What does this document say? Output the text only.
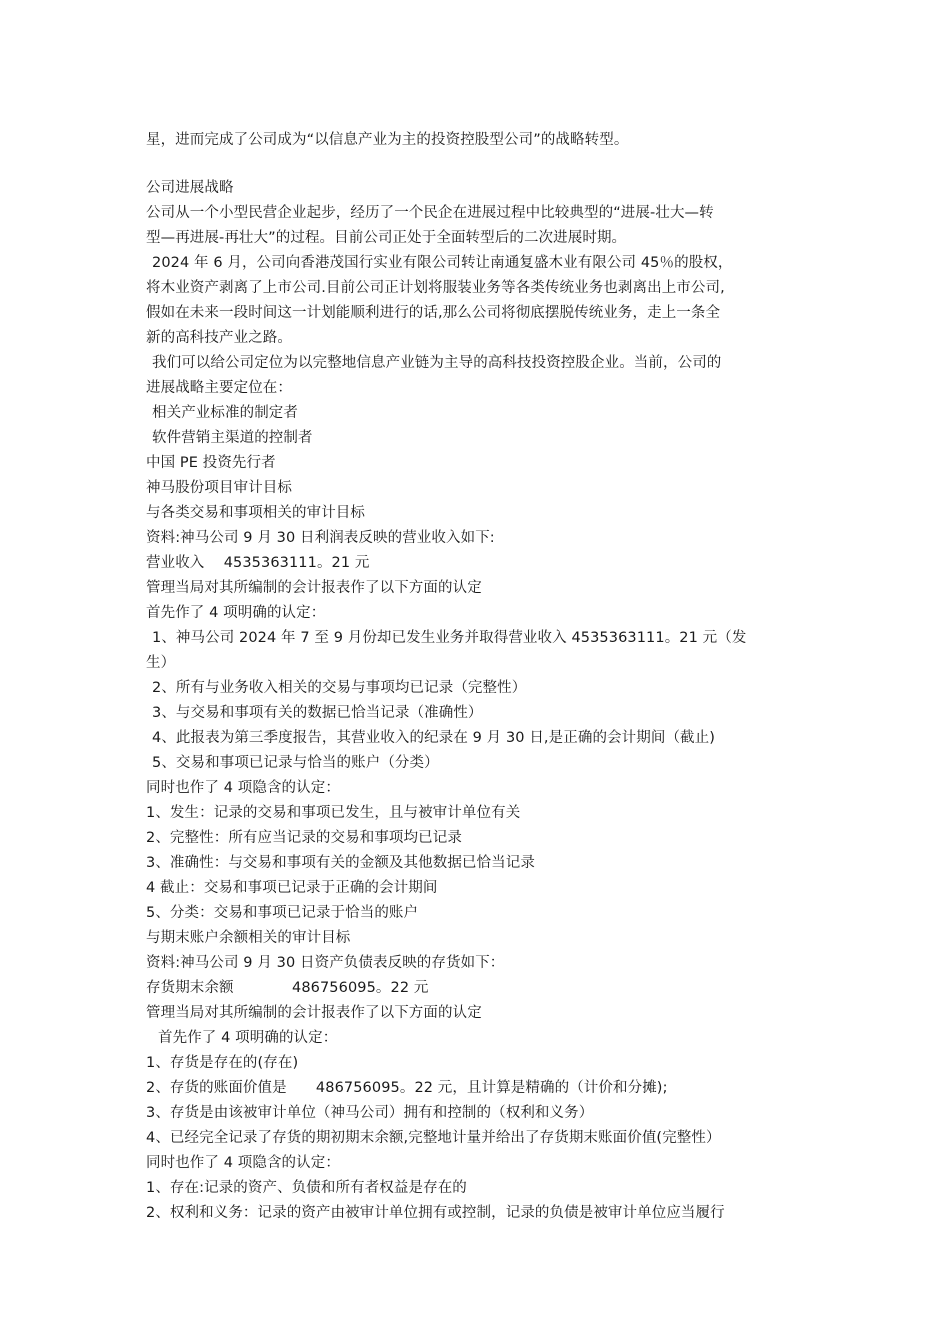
星，进而完成了公司成为“以信息产业为主的投资控股型公司”的战略转型。
公司进展战略
公司从一个小型民营企业起步，经历了一个民企在进展过程中比较典型的“进展-壮大—转
型—再进展-再壮大”的过程。目前公司正处于全面转型后的二次进展时期。
2024 年 6 月，公司向香港茂国行实业有限公司转让南通复盛木业有限公司 45％的股权，
将木业资产剥离了上市公司.目前公司正计划将服装业务等各类传统业务也剥离出上市公司,
假如在未来一段时间这一计划能顺利进行的话,那么公司将彻底摆脱传统业务，走上一条全
新的高科技产业之路。
我们可以给公司定位为以完整地信息产业链为主导的高科技投资控股企业。当前，公司的
进展战略主要定位在：
相关产业标准的制定者
软件营销主渠道的控制者
中国 PE 投资先行者
神马股份项目审计目标
与各类交易和事项相关的审计目标
资料:神马公司 9 月 30 日利润表反映的营业收入如下:
营业收入　 4535363111。21 元
管理当局对其所编制的会计报表作了以下方面的认定
首先作了 4 项明确的认定：
1、神马公司 2024 年 7 至 9 月份却已发生业务并取得营业收入 4535363111。21 元（发
生）
2、所有与业务收入相关的交易与事项均已记录（完整性）
3、与交易和事项有关的数据已恰当记录（准确性）
4、此报表为第三季度报告，其营业收入的纪录在 9 月 30 日,是正确的会计期间（截止)
5、交易和事项已记录与恰当的账户（分类）
同时也作了 4 项隐含的认定：
1、发生：记录的交易和事项已发生，且与被审计单位有关
2、完整性：所有应当记录的交易和事项均已记录
3、准确性：与交易和事项有关的金额及其他数据已恰当记录
4 截止：交易和事项已记录于正确的会计期间
5、分类：交易和事项已记录于恰当的账户
与期末账户余额相关的审计目标
资料:神马公司 9 月 30 日资产负债表反映的存货如下：
存货期末余额　　　　486756095。22 元
管理当局对其所编制的会计报表作了以下方面的认定
首先作了 4 项明确的认定：
1、存货是存在的(存在)
2、存货的账面价值是　　486756095。22 元，且计算是精确的（计价和分摊);
3、存货是由该被审计单位（神马公司）拥有和控制的（权利和义务）
4、已经完全记录了存货的期初期末余额,完整地计量并给出了存货期末账面价值(完整性）
同时也作了 4 项隐含的认定：
1、存在:记录的资产、负债和所有者权益是存在的
2、权利和义务：记录的资产由被审计单位拥有或控制，记录的负债是被审计单位应当履行
